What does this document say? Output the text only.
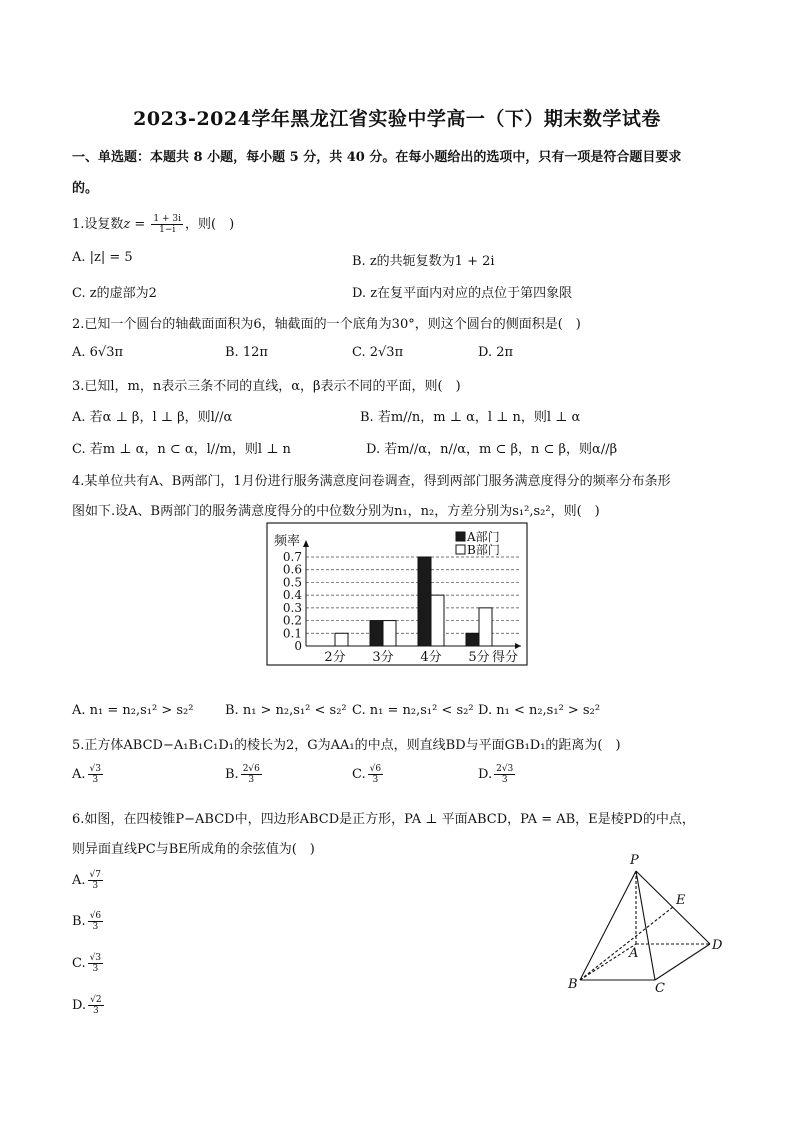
2023-2024学年黑龙江省实验中学高一（下）期末数学试卷
一、单选题：本题共 8 小题，每小题 5 分，共 40 分。在每小题给出的选项中，只有一项是符合题目要求
的。
1.设复数$z = \frac{1 + 3i}{1-i}$ ，则(　)
A. |z| = 5	B. z的共轭复数为1 + 2i
C. z的虚部为2	D. z在复平面内对应的点位于第四象限
2.已知一个圆台的轴截面面积为6，轴截面的一个底角为30°，则这个圆台的侧面积是(　)
A. 6√3π	B. 12π	C. 2√3π	D. 2π
3.已知l，m，n表示三条不同的直线，α，β表示不同的平面，则(　)
A. 若α ⊥ β，l ⊥ β，则l//α	B. 若m//n，m ⊥ α，l ⊥ n，则l ⊥ α
C. 若m ⊥ α，n ⊂ α，l//m，则l ⊥ n	D. 若m//α，n//α，m ⊂ β，n ⊂ β，则α//β
4.某单位共有A、B两部门，1月份进行服务满意度问卷调查，得到两部门服务满意度得分的频率分布条形
图如下.设A、B两部门的服务满意度得分的中位数分别为n₁，n₂，方差分别为s₁²,s₂²，则(　)
0
0.1
0.2
0.3
0.4
0.5
0.6
0.7
频率
得分
2分 3分 4分 5分
A部门
B部门
A. n₁ = n₂,s₁² > s₂² B. n₁ > n₂,s₁² < s₂² C. n₁ = n₂,s₁² < s₂² D. n₁ < n₂,s₁² > s₂²
5.正方体ABCD−A₁B₁C₁D₁的棱长为2，G为AA₁的中点，则直线BD与平面GB₁D₁的距离为(　)
A. $\frac{√3}{3}$	B. $\frac{2√6}{3}$	C. $\frac{√6}{3}$	D. $\frac{2√3}{3}$
6.如图，在四棱锥P−ABCD中，四边形ABCD是正方形，PA ⊥ 平面ABCD，PA = AB，E是棱PD的中点，
则异面直线PC与BE所成角的余弦值为(　)
A. $\frac{√7}{3}$
B. $\frac{√6}{3}$
C. $\frac{√3}{3}$
D. $\frac{√2}{3}$
P
E
D
A
B	C
